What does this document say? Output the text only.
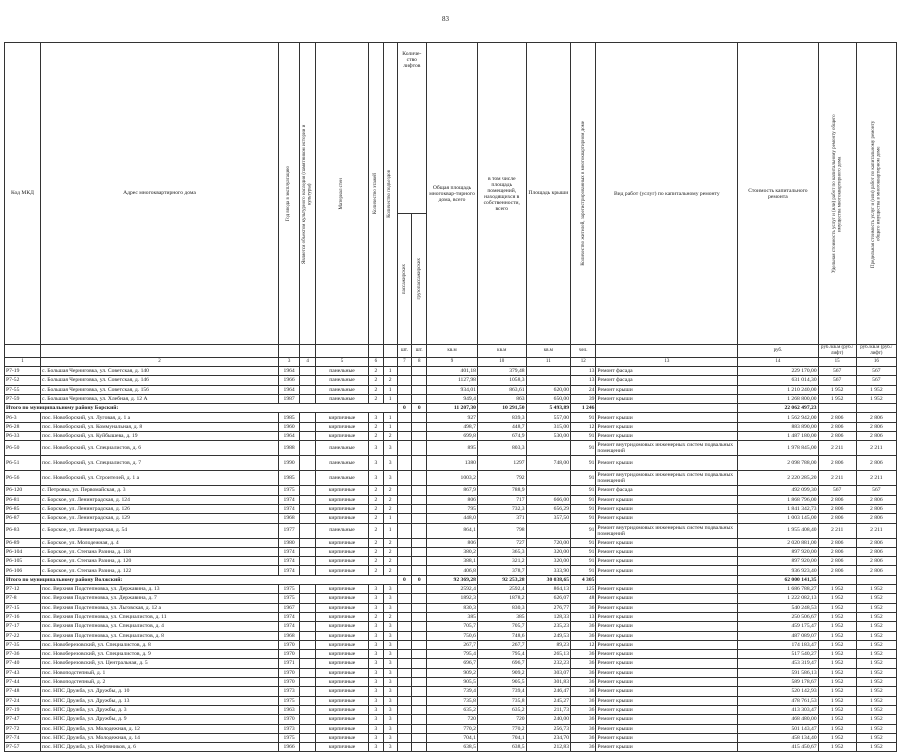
83
Код МКД	Адрес многоквартирного дома	Год ввода в эксплуатацию	Является объектом культурного наследия (памятником истории и культуры)	Материал стен	Количество этажей	Количество подъездов	Количе-ство лифтов		Общая площадь многоквар-тирного дома, всего	в том числе площадь помещений, находящихся в собственности, всего	Площадь крыши	Количество жителей, зарегистрированных в многоквартирном доме	Вид работ (услуг) по капитальному ремонту	Стоимость капитального ремонта	Удельная стоимость услуг и (или) работ по капитальному ремонту общего имущества многоквартирного дома	Предельная стоимость услуг и (или) работ по капитальному ремонту общего имущества в многоквартирном доме

							пассажирских	грузопассажирских								

							шт.	шт.	кв.м	кв.м	кв.м	чел.		руб.	руб./кв.м (руб./лифт)	руб./кв.м (руб./лифт)
1	2	3	4	5	6		7	8	9	10	11	12	13	14	15	16
Р7-19	с. Большая Черниговка, ул. Советская, д. 140	1964		панельные	2	1			401,18	379,48		13	Ремонт фасада	229 170,00	567	567
Р7-52	с. Большая Черниговка, ул. Советская, д. 146	1966		панельные	2	2			1127,98	1058,3		13	Ремонт фасада	631 014,30	567	567
Р7-55	с. Большая Черниговка, ул. Советская, д. 156	1964		панельные	2	1			934,01	863,61	620,00	24	Ремонт крыши	1 210 240,00	1 952	1 952
Р7-59	с. Большая Черниговка, ул. Хлебная, д. 12 А	1987		панельные	2	1			949,4	863	650,00	39	Ремонт крыши	1 268 800,00	1 952	1 952
Итого по муниципальному району Борский:							0	0	11 207,30	10 291,50	5 493,89	1 246		22 062 497,23		
Р6-3	пос. Новоборский, ул. Луговая, д. 1 а	1985		кирпичные	3	1			927	839,3	557,00	91	Ремонт крыши	1 562 942,00	2 806	2 806
Р6-28	пос. Новоборский, ул. Коммунальная, д. 8	1960		кирпичные	2	1			498,7	448,7	315,00	12	Ремонт крыши	883 890,00	2 806	2 806
Р6-33	пос. Новоборский, ул. Куйбышева, д. 19	1964		кирпичные	2	2			699,8	674,9	530,00	91	Ремонт крыши	1 487 180,00	2 806	2 806
Р6-50	пос. Новоборский, ул. Специалистов, д. 6	1988		панельные	3	3			895	803,3		91	Ремонт внутридомовых инженерных систем подвальных помещений	1 978 845,00	2 211	2 211
Р6-51	пос. Новоборский, ул. Специалистов, д. 7	1990		панельные	3	3			1380	1297	748,00	91	Ремонт крыши	2 098 788,00	2 806	2 806
Р6-56	пос. Новоборский, ул. Строителей, д. 1 а	1985		панельные	3	3			1003,2	792		91	Ремонт внутридомовых инженерных систем подвальных помещений	2 220 285,20	2 211	2 211
Р6-120	с. Петровка, ул. Первомайская, д. 3	1975		кирпичные	2	2			867,9	788,9		91	Ремонт фасада	492 099,30	567	567
Р6-81	с. Борское, ул. Ленинградская, д. 124	1974		кирпичные	2	2			806	717	666,00	91	Ремонт крыши	1 868 796,00	2 806	2 806
Р6-85	с. Борское, ул. Ленинградская, д. 126	1974		кирпичные	2	2			795	732,3	656,29	91	Ремонт крыши	1 841 342,73	2 806	2 806
Р6-87	с. Борское, ул. Ленинградская, д. 129	1968		кирпичные	2	1			448,0	371	357,50	91	Ремонт крыши	1 003 145,00	2 806	2 806
Р6-83	с. Борское, ул. Ленинградская, д. 54	1977		панельные	2	1			864,1	798		91	Ремонт внутридомовых инженерных систем подвальных помещений	1 955 408,40	2 211	2 211
Р6-89	с. Борское, ул. Молодежная, д. 4	1980		кирпичные	2	2			806	727	720,00	91	Ремонт крыши	2 020 881,00	2 806	2 806
Р6-104	с. Борское, ул. Степана Разина, д. 118	1974		кирпичные	2	2			380,2	365,3	320,00	91	Ремонт крыши	897 920,00	2 806	2 806
Р6-105	с. Борское, ул. Степана Разина, д. 120	1974		кирпичные	2	2			388,1	321,2	320,00	91	Ремонт крыши	897 920,00	2 806	2 806
Р6-106	с. Борское, ул. Степана Разина, д. 122	1974		кирпичные	2	2			406,8	378,7	333,90	91	Ремонт крыши	936 923,40	2 806	2 806
Итого по муниципальному району Волжский:							0	0	92 369,28	92 253,28	30 038,65	4 305		62 000 141,35		
Р7-12	пос. Верхняя Подстепновка, ул. Державина, д. 13	1975		кирпичные	3	3			2592,4	2592,4	864,13	125	Ремонт крыши	1 686 788,27	1 952	1 952
Р7-8	пос. Верхняя Подстепновка, ул. Державина, д. 7	1975		кирпичные	3	3			1892,3	1878,2	626,07	48	Ремонт крыши	1 222 082,13	1 952	1 952
Р7-15	пос. Верхняя Подстепновка, ул. Льговская, д. 12 а	1967		кирпичные	3	3			830,3	830,3	276,77	36	Ремонт крыши	540 248,53	1 952	1 952
Р7-16	пос. Верхняя Подстепновка, ул. Специалистов, д. 11	1974		кирпичные	2	2			385	385	128,33	13	Ремонт крыши	250 506,67	1 952	1 952
Р7-17	пос. Верхняя Подстепновка, ул. Специалистов, д. 4	1974		кирпичные	3	3			705,7	705,7	235,23	36	Ремонт крыши	459 175,47	1 952	1 952
Р7-22	пос. Верхняя Подстепновка, ул. Специалистов, д. 8	1968		кирпичные	3	3			750,6	748,6	249,53	36	Ремонт крыши	487 089,07	1 952	1 952
Р7-35	пос. Новоберезовский, ул. Специалистов, д. 8	1970		кирпичные	3	3			267,7	267,7	89,23	12	Ремонт крыши	174 183,47	1 952	1 952
Р7-36	пос. Новоберезовский, ул. Специалистов, д. 9	1970		кирпичные	3	3			795,4	795,4	265,13	36	Ремонт крыши	517 540,27	1 952	1 952
Р7-40	пос. Новоберезовский, ул. Центральная, д. 5	1971		кирпичные	3	3			696,7	696,7	232,23	36	Ремонт крыши	453 319,47	1 952	1 952
Р7-43	пос. Новоподстепный, д. 1	1970		кирпичные	3	3			909,2	909,2	303,07	36	Ремонт крыши	591 586,13	1 952	1 952
Р7-44	пос. Новоподстепный, д. 2	1970		кирпичные	3	3			905,5	905,5	301,83	36	Ремонт крыши	589 178,67	1 952	1 952
Р7-48	пос. НПС Дружба, ул. Дружбы, д. 10	1973		кирпичные	3	3			739,4	739,4	246,47	36	Ремонт крыши	520 142,93	1 952	1 952
Р7-24	пос. НПС Дружба, ул. Дружбы, д. 13	1975		кирпичные	3	3			735,8	735,8	245,27	36	Ремонт крыши	478 761,53	1 952	1 952
Р7-19	пос. НПС Дружба, ул. Дружбы, д. 3	1963		кирпичные	3	3			635,2	635,2	211,73	36	Ремонт крыши	413 303,47	1 952	1 952
Р7-47	пос. НПС Дружба, ул. Дружбы, д. 9	1970		кирпичные	3	3			720	720	240,00	36	Ремонт крыши	468 480,00	1 952	1 952
Р7-72	пос. НПС Дружба, ул. Молодежная, д. 12	1973		кирпичные	3	3			770,2	770,2	256,73	36	Ремонт крыши	501 143,47	1 952	1 952
Р7-74	пос. НПС Дружба, ул. Молодежная, д. 14	1975		кирпичные	3	3			704,1	704,1	234,70	36	Ремонт крыши	458 134,40	1 952	1 952
Р7-57	пос. НПС Дружба, ул. Нефтяников, д. 6	1966		кирпичные	3	3			638,5	638,5	212,83	36	Ремонт крыши	415 450,67	1 952	1 952
